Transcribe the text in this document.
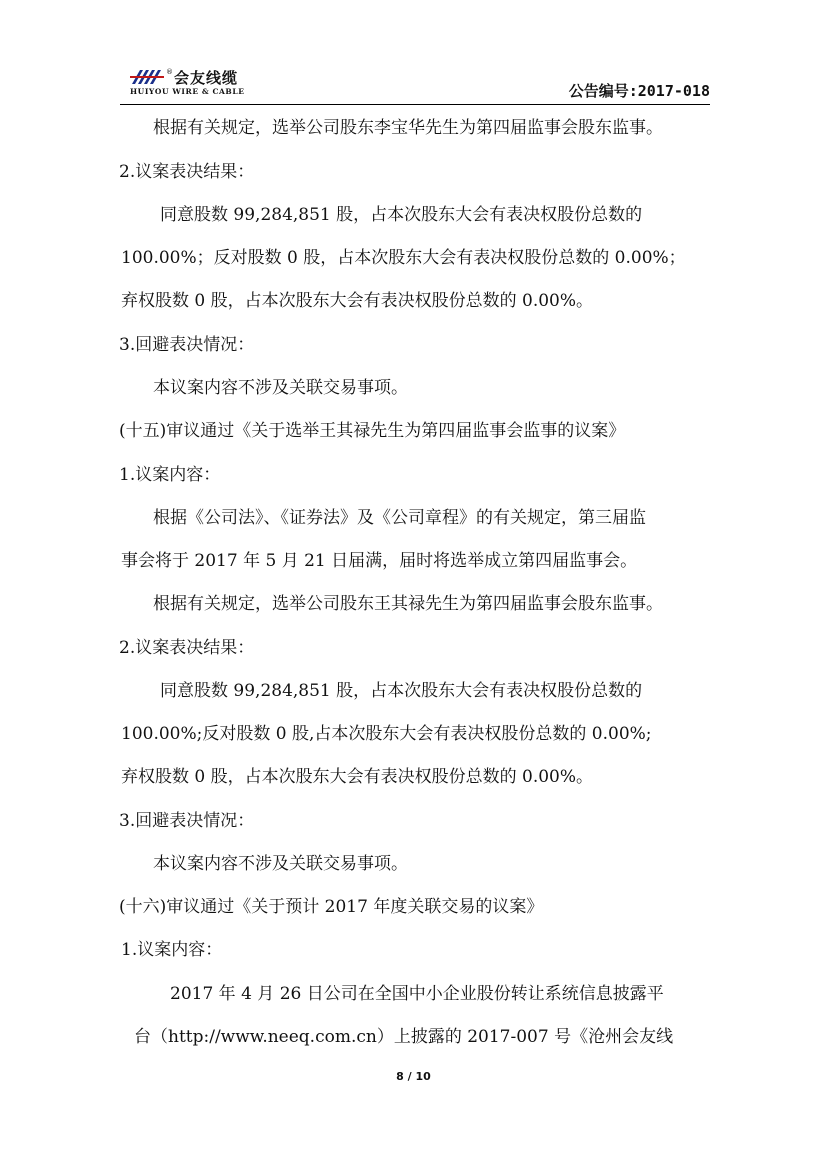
® 会友线缆
HUIYOU WIRE & CABLE	公告编号:2017-018
根据有关规定，选举公司股东李宝华先生为第四届监事会股东监事。
2.议案表决结果：
同意股数 99,284,851 股，占本次股东大会有表决权股份总数的
100.00%；反对股数 0 股，占本次股东大会有表决权股份总数的 0.00%；
弃权股数 0 股，占本次股东大会有表决权股份总数的 0.00%。
3.回避表决情况：
本议案内容不涉及关联交易事项。
(十五)审议通过《关于选举王其禄先生为第四届监事会监事的议案》
1.议案内容：
根据《公司法》、《证券法》及《公司章程》的有关规定，第三届监
事会将于 2017 年 5 月 21 日届满，届时将选举成立第四届监事会。
根据有关规定，选举公司股东王其禄先生为第四届监事会股东监事。
2.议案表决结果：
同意股数 99,284,851 股，占本次股东大会有表决权股份总数的
100.00%;反对股数 0 股,占本次股东大会有表决权股份总数的 0.00%;
弃权股数 0 股，占本次股东大会有表决权股份总数的 0.00%。
3.回避表决情况：
本议案内容不涉及关联交易事项。
(十六)审议通过《关于预计 2017 年度关联交易的议案》
1.议案内容：
2017 年 4 月 26 日公司在全国中小企业股份转让系统信息披露平
台（http://www.neeq.com.cn）上披露的 2017-007 号《沧州会友线
8 / 10
